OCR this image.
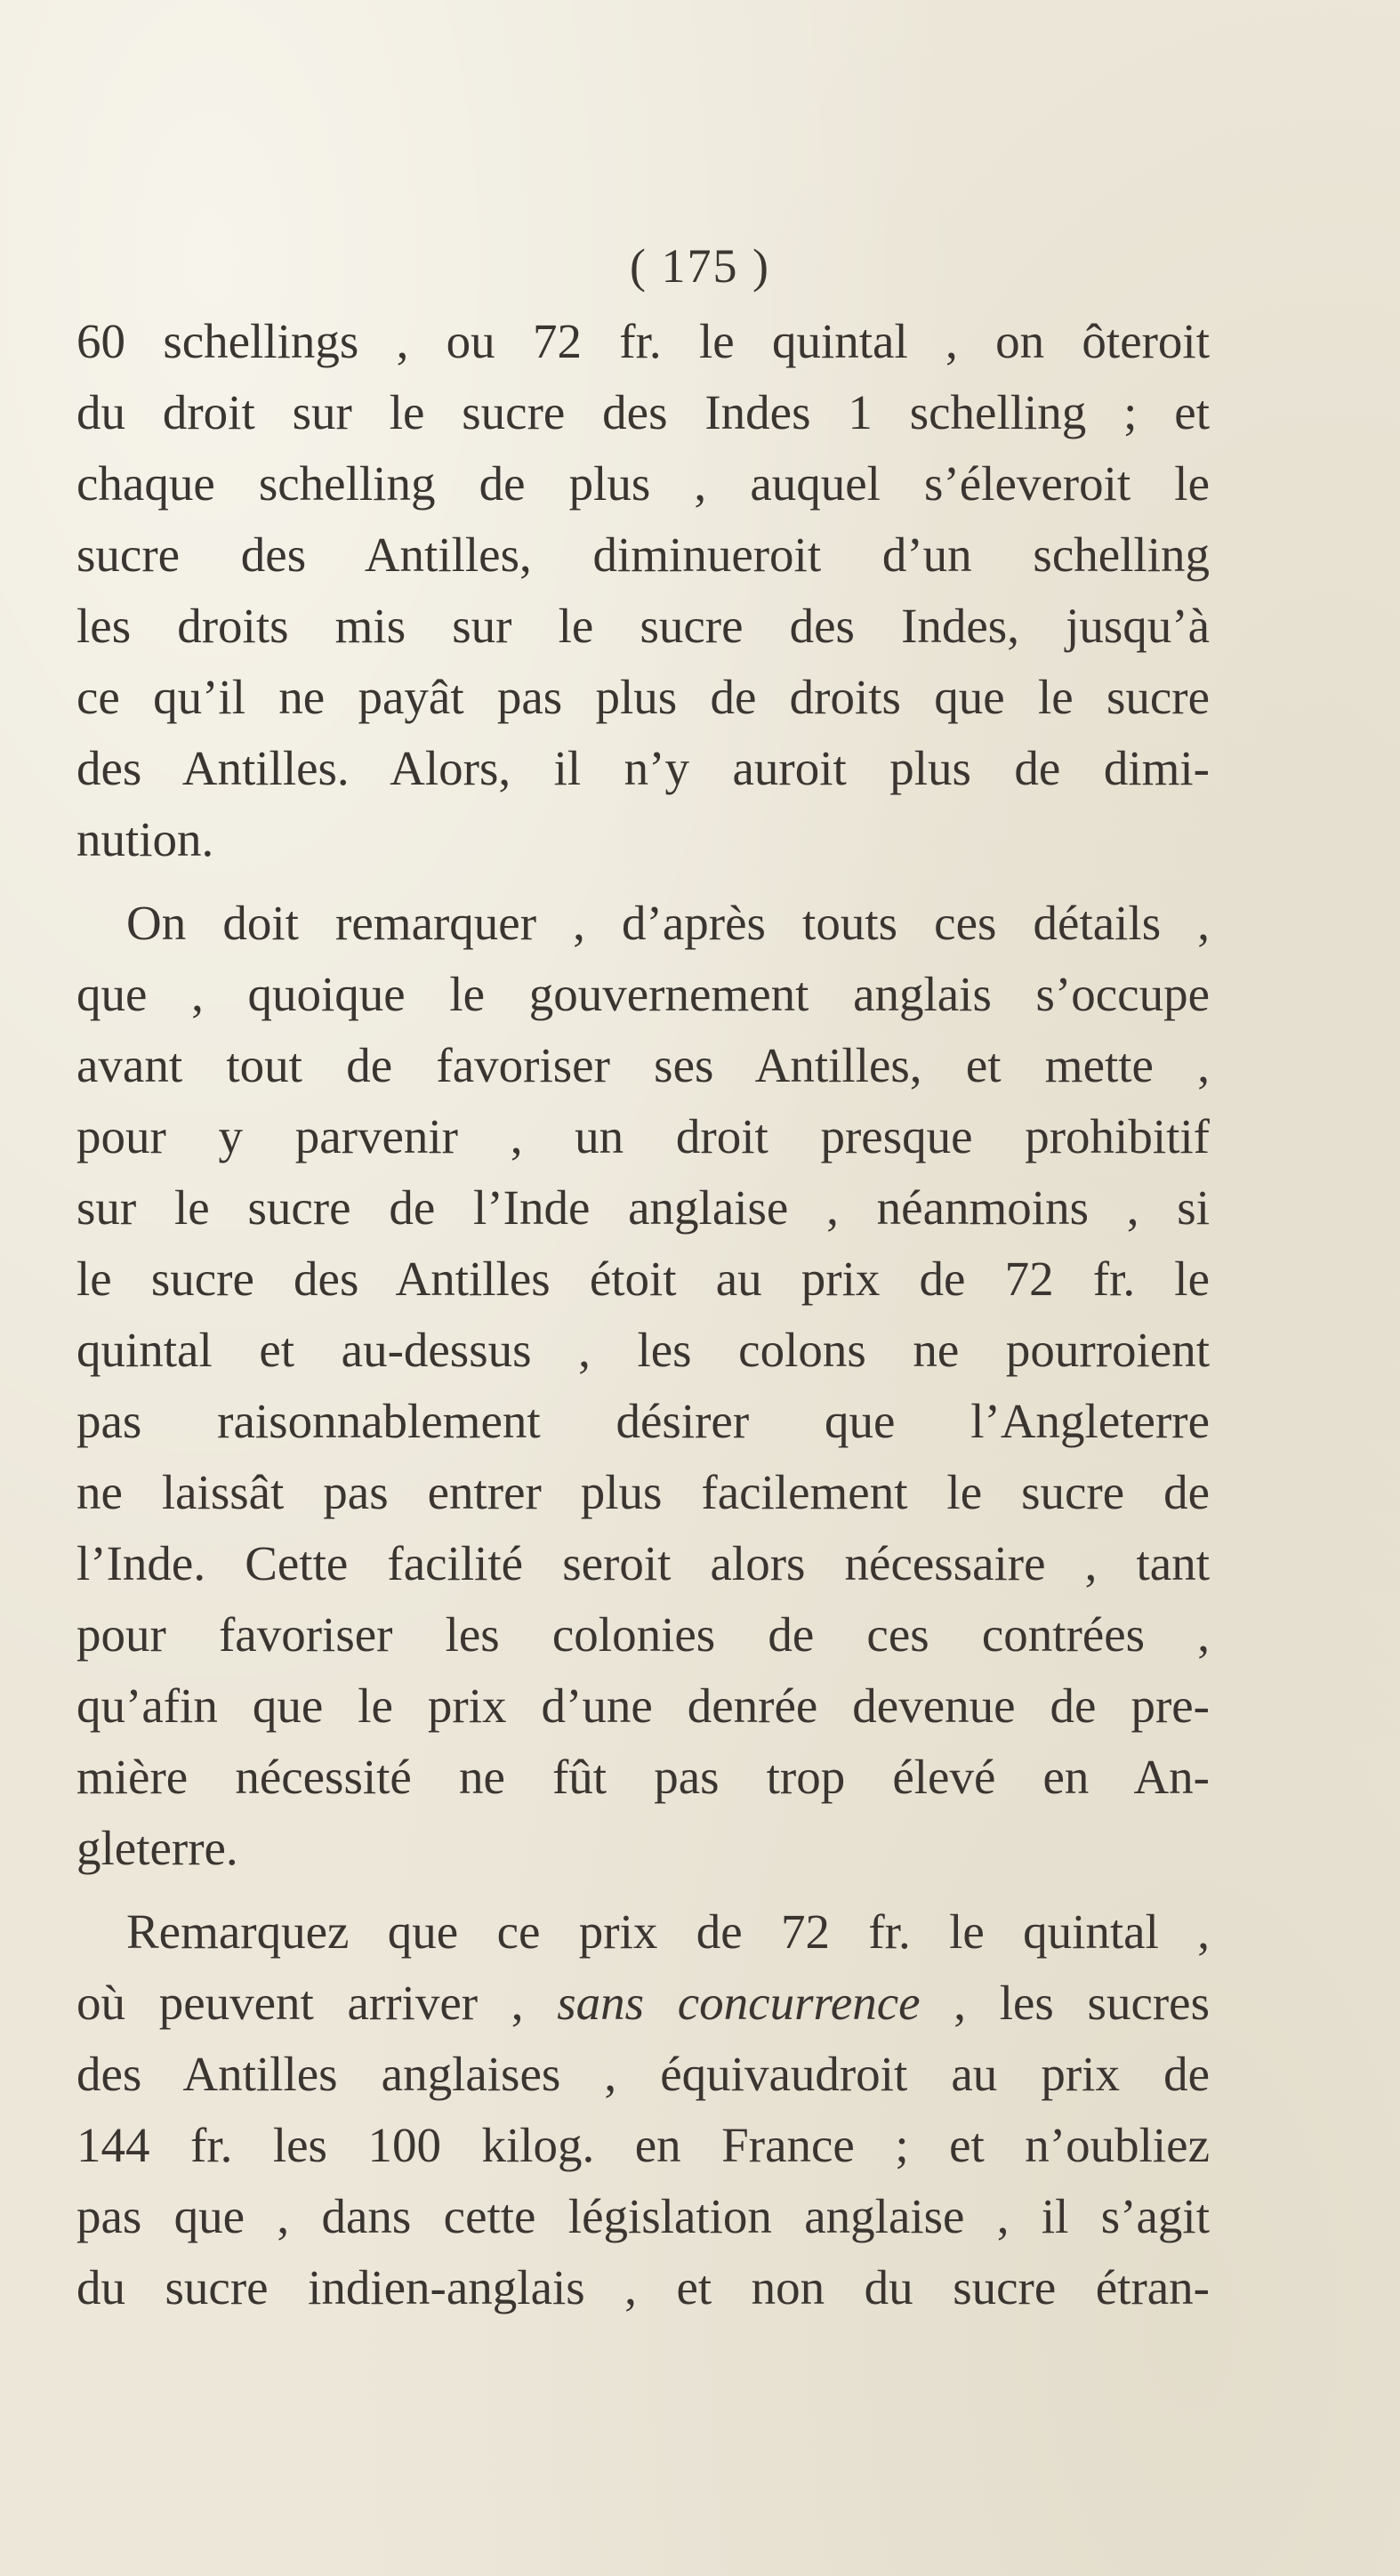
( 175 )
60 schellings , ou 72 fr. le quintal , on ôteroit
du droit sur le sucre des Indes 1 schelling ; et
chaque schelling de plus , auquel s’éleveroit le
sucre des Antilles, diminueroit d’un schelling
les droits mis sur le sucre des Indes, jusqu’à
ce qu’il ne payât pas plus de droits que le sucre
des Antilles. Alors, il n’y auroit plus de dimi-
nution.
On doit remarquer , d’après touts ces détails ,
que , quoique le gouvernement anglais s’occupe
avant tout de favoriser ses Antilles, et mette ,
pour y parvenir , un droit presque prohibitif
sur le sucre de l’Inde anglaise , néanmoins , si
le sucre des Antilles étoit au prix de 72 fr. le
quintal et au-dessus , les colons ne pourroient
pas raisonnablement désirer que l’Angleterre
ne laissât pas entrer plus facilement le sucre de
l’Inde. Cette facilité seroit alors nécessaire , tant
pour favoriser les colonies de ces contrées ,
qu’afin que le prix d’une denrée devenue de pre-
mière nécessité ne fût pas trop élevé en An-
gleterre.
Remarquez que ce prix de 72 fr. le quintal ,
où peuvent arriver , sans concurrence , les sucres
des Antilles anglaises , équivaudroit au prix de
144 fr. les 100 kilog. en France ; et n’oubliez
pas que , dans cette législation anglaise , il s’agit
du sucre indien-anglais , et non du sucre étran-
